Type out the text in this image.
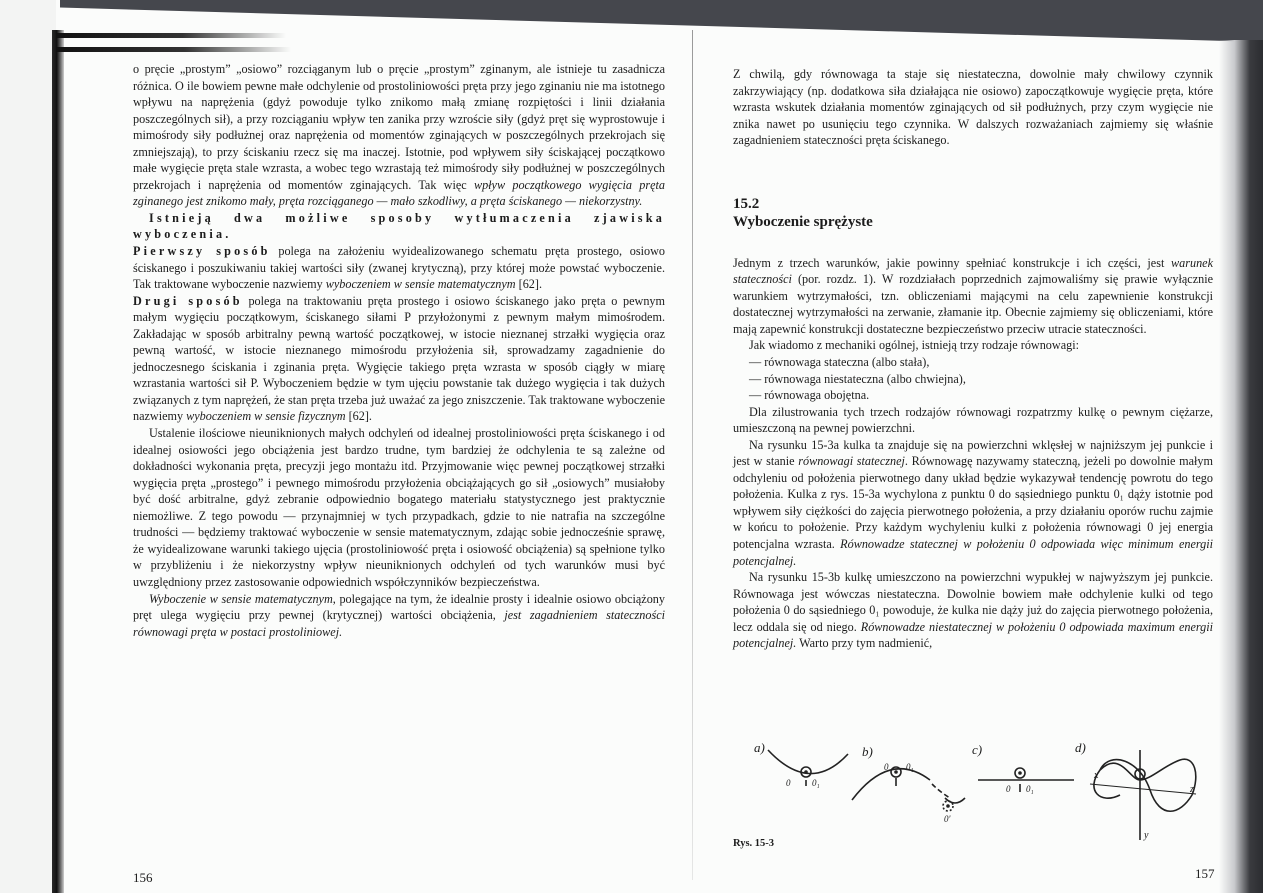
o pręcie „prostym” „osiowo” rozciąganym lub o pręcie „prostym” zginanym, ale istnieje tu zasadnicza różnica. O ile bowiem pewne małe odchylenie od prostoliniowości pręta przy jego zginaniu nie ma istotnego wpływu na naprężenia (gdyż powoduje tylko znikomo małą zmianę rozpiętości i linii działania poszczególnych sił), a przy rozciąganiu wpływ ten zanika przy wzroście siły (gdyż pręt się wyprostowuje i mimośrody siły podłużnej oraz naprężenia od momentów zginających w poszczególnych przekrojach się zmniejszają), to przy ściskaniu rzecz się ma inaczej. Istotnie, pod wpływem siły ściskającej początkowo małe wygięcie pręta stale wzrasta, a wobec tego wzrastają też mimośrody siły podłużnej w poszczególnych przekrojach i naprężenia od momentów zginających. Tak więc wpływ początkowego wygięcia pręta zginanego jest znikomo mały, pręta rozciąganego — mało szkodliwy, a pręta ściskanego — niekorzystny.

Istnieją dwa możliwe sposoby wytłumaczenia zjawiska wyboczenia.

Pierwszy sposób polega na założeniu wyidealizowanego schematu pręta prostego, osiowo ściskanego i poszukiwaniu takiej wartości siły (zwanej krytyczną), przy której może powstać wyboczenie. Tak traktowane wyboczenie nazwiemy wyboczeniem w sensie matematycznym [62].

Drugi sposób polega na traktowaniu pręta prostego i osiowo ściskanego jako pręta o pewnym małym wygięciu początkowym, ściskanego siłami P przyłożonymi z pewnym małym mimośrodem. Zakładając w sposób arbitralny pewną wartość początkowej, w istocie nieznanej strzałki wygięcia oraz pewną wartość, w istocie nieznanego mimośrodu przyłożenia sił, sprowadzamy zagadnienie do jednoczesnego ściskania i zginania pręta. Wygięcie takiego pręta wzrasta w sposób ciągły w miarę wzrastania wartości sił P. Wyboczeniem będzie w tym ujęciu powstanie tak dużego wygięcia i tak dużych związanych z tym naprężeń, że stan pręta trzeba już uważać za jego zniszczenie. Tak traktowane wyboczenie nazwiemy wyboczeniem w sensie fizycznym [62].

Ustalenie ilościowe nieuniknionych małych odchyleń od idealnej prostoliniowości pręta ściskanego i od idealnej osiowości jego obciążenia jest bardzo trudne, tym bardziej że odchylenia te są zależne od dokładności wykonania pręta, precyzji jego montażu itd. Przyjmowanie więc pewnej początkowej strzałki wygięcia pręta „prostego” i pewnego mimośrodu przyłożenia obciążających go sił „osiowych” musiałoby być dość arbitralne, gdyż zebranie odpowiednio bogatego materiału statystycznego jest praktycznie niemożliwe. Z tego powodu — przynajmniej w tych przypadkach, gdzie to nie natrafia na szczególne trudności — będziemy traktować wyboczenie w sensie matematycznym, zdając sobie jednocześnie sprawę, że wyidealizowane warunki takiego ujęcia (prostoliniowość pręta i osiowość obciążenia) są spełnione tylko w przybliżeniu i że niekorzystny wpływ nieuniknionych odchyleń od tych warunków musi być uwzględniony przez zastosowanie odpowiednich współczynników bezpieczeństwa.

Wyboczenie w sensie matematycznym, polegające na tym, że idealnie prosty i idealnie osiowo obciążony pręt ulega wygięciu przy pewnej (krytycznej) wartości obciążenia, jest zagadnieniem stateczności równowagi pręta w postaci prostoliniowej.

156

Z chwilą, gdy równowaga ta staje się niestateczna, dowolnie mały chwilowy czynnik zakrzywiający (np. dodatkowa siła działająca nie osiowo) zapoczątkowuje wygięcie pręta, które wzrasta wskutek działania momentów zginających od sił podłużnych, przy czym wygięcie nie znika nawet po usunięciu tego czynnika. W dalszych rozważaniach zajmiemy się właśnie zagadnieniem stateczności pręta ściskanego.

15.2
Wyboczenie sprężyste

Jednym z trzech warunków, jakie powinny spełniać konstrukcje i ich części, jest warunek stateczności (por. rozdz. 1). W rozdziałach poprzednich zajmowaliśmy się prawie wyłącznie warunkiem wytrzymałości, tzn. obliczeniami mającymi na celu zapewnienie konstrukcji dostatecznej wytrzymałości na zerwanie, złamanie itp. Obecnie zajmiemy się obliczeniami, które mają zapewnić konstrukcji dostateczne bezpieczeństwo przeciw utracie stateczności.

Jak wiadomo z mechaniki ogólnej, istnieją trzy rodzaje równowagi:

— równowaga stateczna (albo stała),

— równowaga niestateczna (albo chwiejna),

— równowaga obojętna.

Dla zilustrowania tych trzech rodzajów równowagi rozpatrzmy kulkę o pewnym ciężarze, umieszczoną na pewnej powierzchni.

Na rysunku 15-3a kulka ta znajduje się na powierzchni wklęsłej w najniższym jej punkcie i jest w stanie równowagi statecznej. Równowagę nazywamy stateczną, jeżeli po dowolnie małym odchyleniu od położenia pierwotnego dany układ będzie wykazywał tendencję powrotu do tego położenia. Kulka z rys. 15-3a wychylona z punktu 0 do sąsiedniego punktu 0₁ dąży istotnie pod wpływem siły ciężkości do zajęcia pierwotnego położenia, a przy działaniu oporów ruchu zajmie w końcu to położenie. Przy każdym wychyleniu kulki z położenia równowagi 0 jej energia potencjalna wzrasta. Równowadze statecznej w położeniu 0 odpowiada więc minimum energii potencjalnej.

Na rysunku 15-3b kulkę umieszczono na powierzchni wypukłej w najwyższym jej punkcie. Równowaga jest wówczas niestateczna. Dowolnie bowiem małe odchylenie kulki od tego położenia 0 do sąsiedniego 0₁ powoduje, że kulka nie dąży już do zajęcia pierwotnego położenia, lecz oddala się od niego. Równowadze niestatecznej w położeniu 0 odpowiada maximum energii potencjalnej. Warto przy tym nadmienić,

a)	b)	c)	d)
0 0₁
0 0₁
0'
0 0₁
x
y
z
Rys. 15-3
157
